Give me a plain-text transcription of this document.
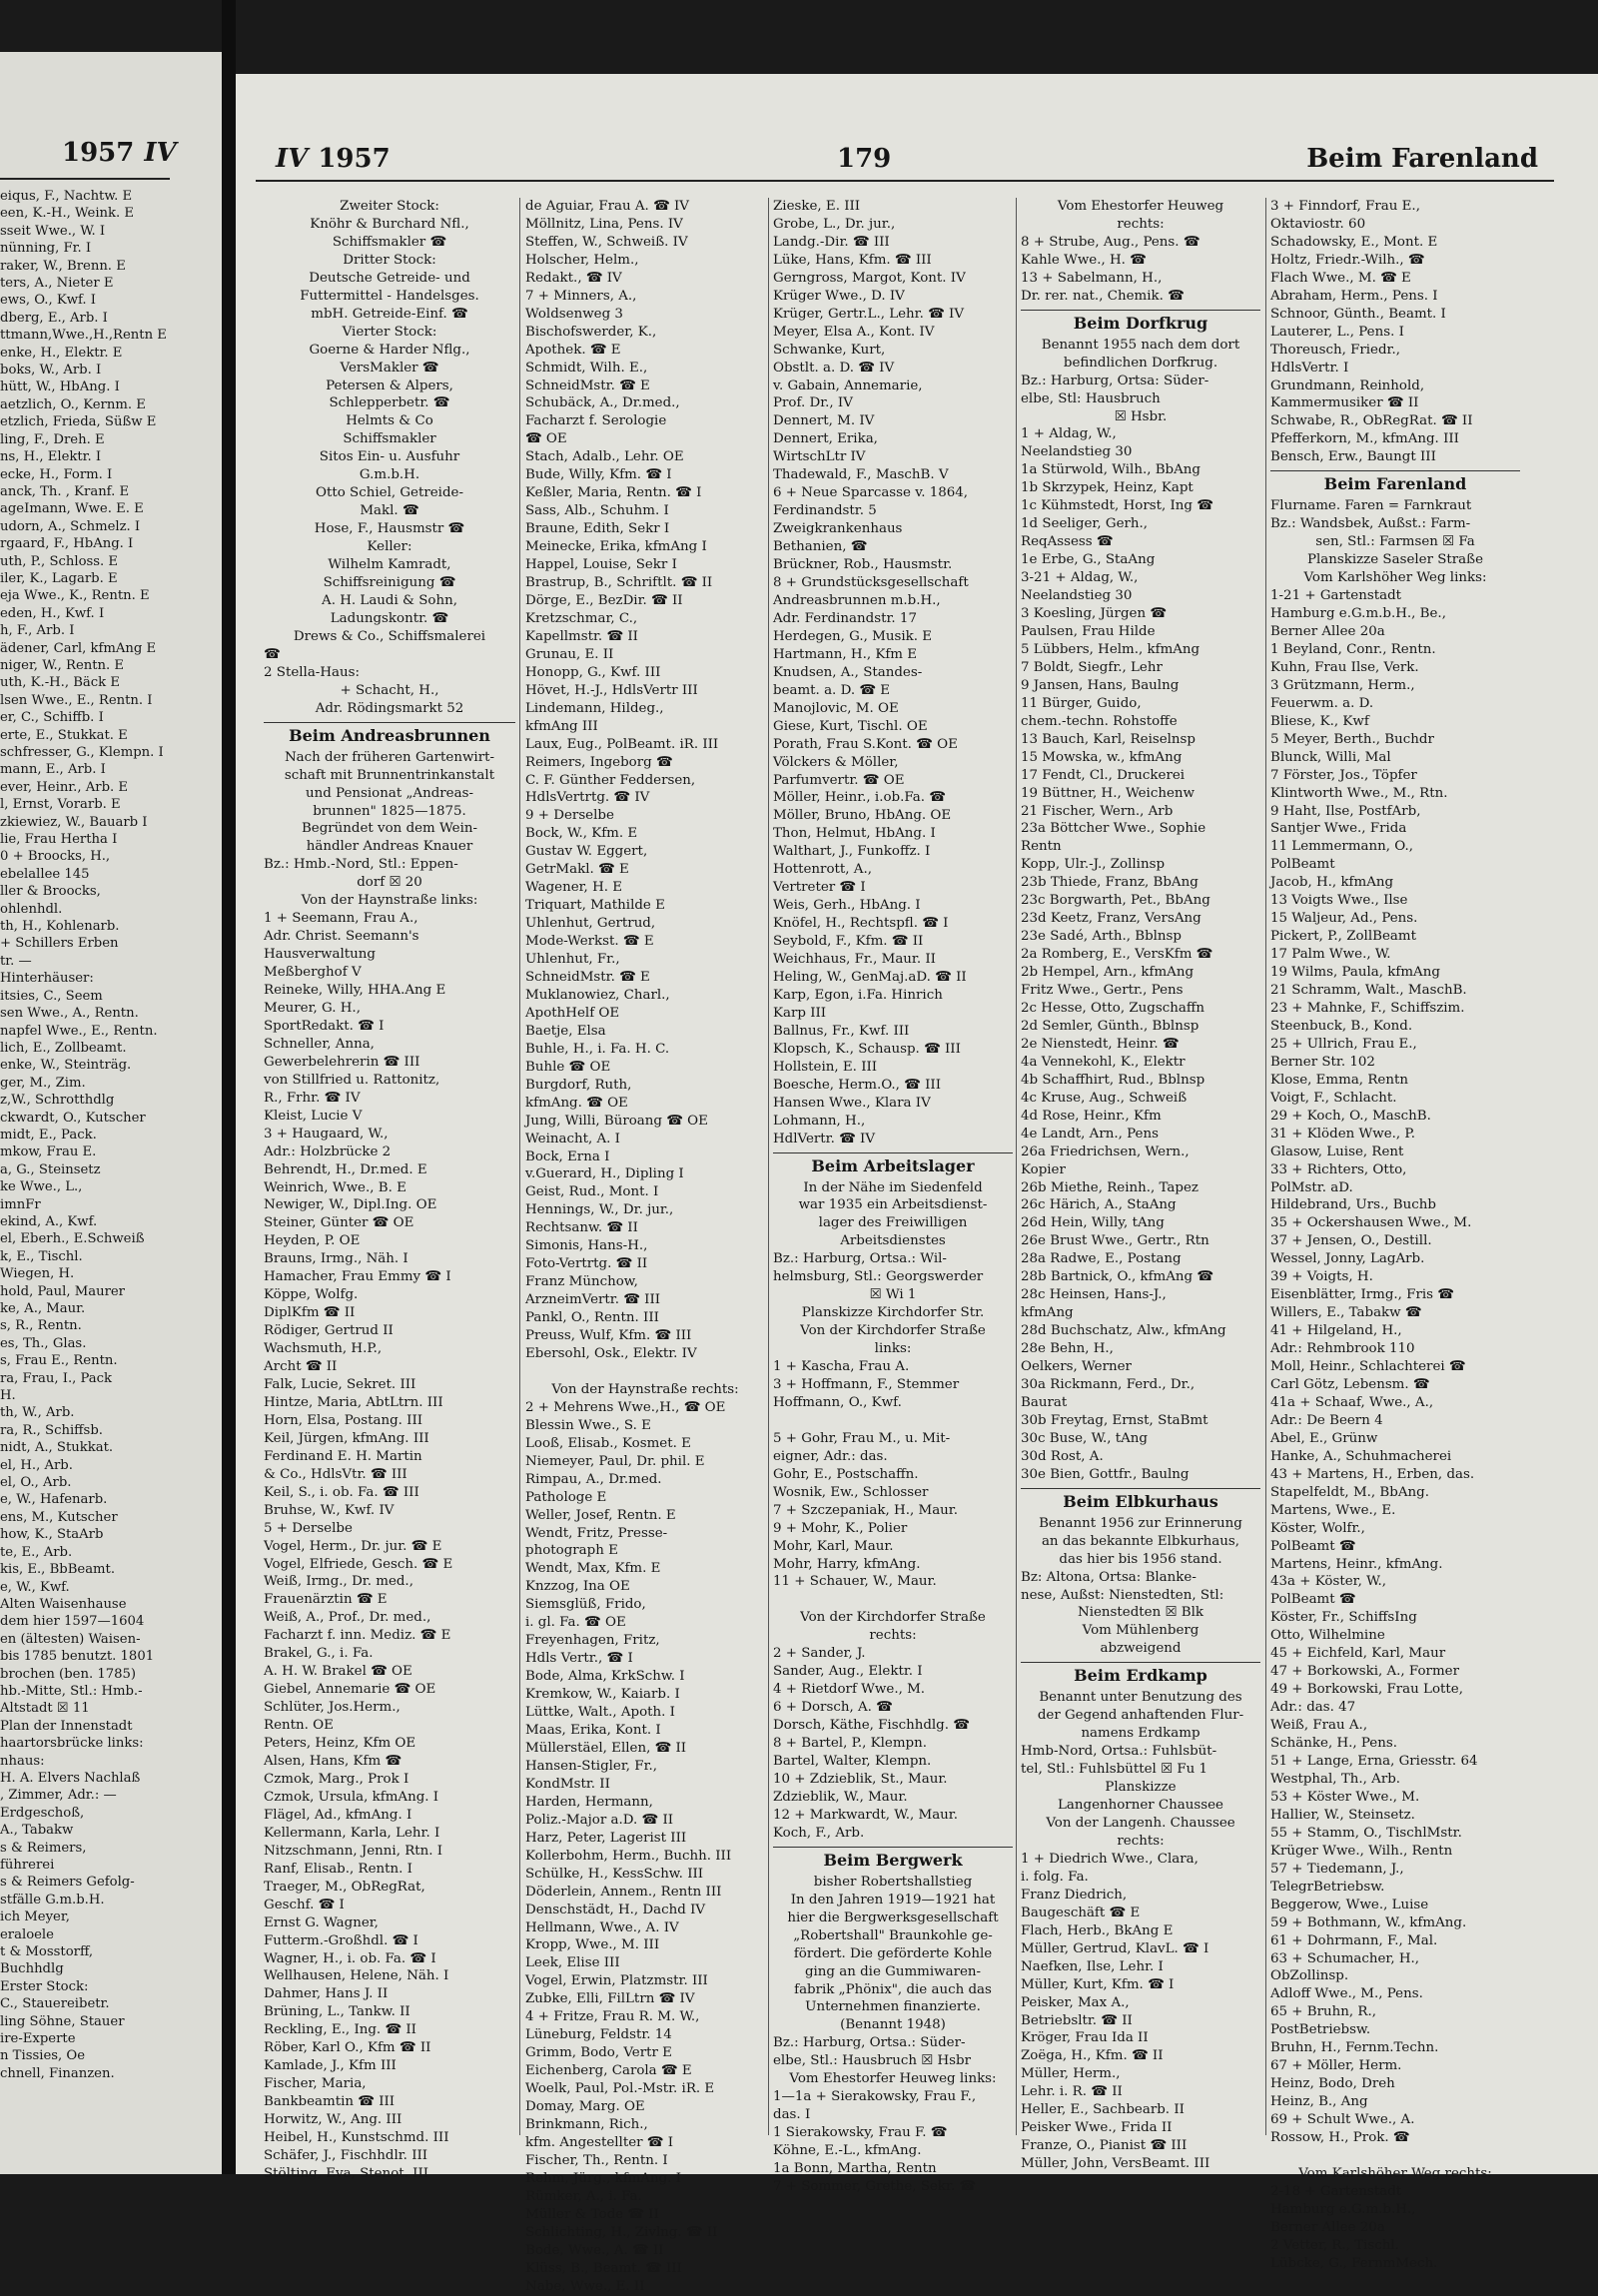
1957 IV
eiqus, F., Nachtw. E
een, K.-H., Weink. E
sseit Wwe., W. I
nünning, Fr. I
raker, W., Brenn. E
ters, A., Nieter E
ews, O., Kwf. I
dberg, E., Arb. I
ttmann,Wwe.,H.,Rentn E
enke, H., Elektr. E
boks, W., Arb. I
hütt, W., HbAng. I
aetzlich, O., Kernm. E
etzlich, Frieda, Süßw E
ling, F., Dreh. E
ns, H., Elektr. I
ecke, H., Form. I
anck, Th. , Kranf. E
ageImann, Wwe. E. E
udorn, A., Schmelz. I
rgaard, F., HbAng. I
uth, P., Schloss. E
iler, K., Lagarb. E
eja Wwe., K., Rentn. E
eden, H., Kwf. I
h, F., Arb. I
ädener, Carl, kfmAng E
niger, W., Rentn. E
uth, K.-H., Bäck E
lsen Wwe., E., Rentn. I
er, C., Schiffb. I
erte, E., Stukkat. E
schfresser, G., Klempn. I
mann, E., Arb. I
ever, Heinr., Arb. E
l, Ernst, Vorarb. E
zkiewiez, W., Bauarb I
lie, Frau Hertha I
0 + Broocks, H.,
ebelallee 145
ller & Broocks,
ohlenhdl.
th, H., Kohlenarb.
+ Schillers Erben
tr. —
Hinterhäuser:
itsies, C., Seem
sen Wwe., A., Rentn.
napfel Wwe., E., Rentn.
lich, E., Zollbeamt.
enke, W., Steinträg.
ger, M., Zim.
z,W., Schrotthdlg
ckwardt, O., Kutscher
midt, E., Pack.
mkow, Frau E.
a, G., Steinsetz
ke Wwe., L.,
imnFr
ekind, A., Kwf.
el, Eberh., E.Schweiß
k, E., Tischl.
Wiegen, H.
hold, Paul, Maurer
ke, A., Maur.
s, R., Rentn.
es, Th., Glas.
s, Frau E., Rentn.
ra, Frau, I., Pack
H.
th, W., Arb.
ra, R., Schiffsb.
nidt, A., Stukkat.
el, H., Arb.
el, O., Arb.
e, W., Hafenarb.
ens, M., Kutscher
how, K., StaArb
te, E., Arb.
kis, E., BbBeamt.
e, W., Kwf.
Alten Waisenhause
dem hier 1597—1604
en (ältesten) Waisen-
bis 1785 benutzt. 1801
brochen (ben. 1785)
hb.-Mitte, Stl.: Hmb.-
Altstadt ☒ 11
Plan der Innenstadt
haartorsbrücke links:
nhaus:
H. A. Elvers Nachlaß
, Zimmer, Adr.: —
Erdgeschoß,
A., Tabakw
s & Reimers,
führerei
s & Reimers Gefolg-
stfälle G.m.b.H.
ich Meyer,
eraloele
t & Mosstorff,
Buchhdlg
Erster Stock:
C., Stauereibetr.
ling Söhne, Stauer
ire-Experte
n Tissies, Oe
chnell, Finanzen.
IV 1957	179	Beim Farenland
Zweiter Stock:
Knöhr & Burchard Nfl.,
Schiffsmakler ☎
Dritter Stock:
Deutsche Getreide- und
Futtermittel - Handelsges.
mbH. Getreide-Einf. ☎
Vierter Stock:
Goerne & Harder Nflg.,
VersMakler ☎
Petersen & Alpers,
Schlepperbetr. ☎
Helmts & Co
Schiffsmakler
Sitos Ein- u. Ausfuhr
G.m.b.H.
Otto Schiel, Getreide-
Makl. ☎
Hose, F., Hausmstr ☎
Keller:
Wilhelm Kamradt,
Schiffsreinigung ☎
A. H. Laudi & Sohn,
Ladungskontr. ☎
Drews & Co., Schiffsmalerei
☎
2 Stella-Haus:
+ Schacht, H.,
Adr. Rödingsmarkt 52
Beim Andreasbrunnen
Nach der früheren Gartenwirt-
schaft mit Brunnentrinkanstalt
und Pensionat „Andreas-
brunnen" 1825—1875.
Begründet von dem Wein-
händler Andreas Knauer
Bz.: Hmb.-Nord, Stl.: Eppen-
dorf ☒ 20
Von der Haynstraße links:
1 + Seemann, Frau A.,
Adr. Christ. Seemann's
Hausverwaltung
Meßberghof V
Reineke, Willy, HHA.Ang E
Meurer, G. H.,
SportRedakt. ☎ I
Schneller, Anna,
Gewerbelehrerin ☎ III
von Stillfried u. Rattonitz,
R., Frhr. ☎ IV
Kleist, Lucie V
3 + Haugaard, W.,
Adr.: Holzbrücke 2
Behrendt, H., Dr.med. E
Weinrich, Wwe., B. E
Newiger, W., Dipl.Ing. OE
Steiner, Günter ☎ OE
Heyden, P. OE
Brauns, Irmg., Näh. I
Hamacher, Frau Emmy ☎ I
Köppe, Wolfg.
DiplKfm ☎ II
Rödiger, Gertrud II
Wachsmuth, H.P.,
Archt ☎ II
Falk, Lucie, Sekret. III
Hintze, Maria, AbtLtrn. III
Horn, Elsa, Postang. III
Keil, Jürgen, kfmAng. III
Ferdinand E. H. Martin
& Co., HdlsVtr. ☎ III
Keil, S., i. ob. Fa. ☎ III
Bruhse, W., Kwf. IV
5 + Derselbe
Vogel, Herm., Dr. jur. ☎ E
Vogel, Elfriede, Gesch. ☎ E
Weiß, Irmg., Dr. med.,
Frauenärztin ☎ E
Weiß, A., Prof., Dr. med.,
Facharzt f. inn. Mediz. ☎ E
Brakel, G., i. Fa.
A. H. W. Brakel ☎ OE
Giebel, Annemarie ☎ OE
Schlüter, Jos.Herm.,
Rentn. OE
Peters, Heinz, Kfm OE
Alsen, Hans, Kfm ☎
Czmok, Marg., Prok I
Czmok, Ursula, kfmAng. I
Flägel, Ad., kfmAng. I
Kellermann, Karla, Lehr. I
Nitzschmann, Jenni, Rtn. I
Ranf, Elisab., Rentn. I
Traeger, M., ObRegRat,
Geschf. ☎ I
Ernst G. Wagner,
Futterm.-Großhdl. ☎ I
Wagner, H., i. ob. Fa. ☎ I
Wellhausen, Helene, Näh. I
Dahmer, Hans J. II
Brüning, L., Tankw. II
Reckling, E., Ing. ☎ II
Röber, Karl O., Kfm ☎ II
Kamlade, J., Kfm III
Fischer, Maria,
Bankbeamtin ☎ III
Horwitz, W., Ang. III
Heibel, H., Kunstschmd. III
Schäfer, J., Fischhdlr. III
Stölting, Eva, Stenot. III
de Aguiar, Frau A. ☎ IV
Möllnitz, Lina, Pens. IV
Steffen, W., Schweiß. IV
Holscher, Helm.,
Redakt., ☎ IV
7 + Minners, A.,
Woldsenweg 3
Bischofswerder, K.,
Apothek. ☎ E
Schmidt, Wilh. E.,
SchneidMstr. ☎ E
Schubäck, A., Dr.med.,
Facharzt f. Serologie
☎ OE
Stach, Adalb., Lehr. OE
Bude, Willy, Kfm. ☎ I
Keßler, Maria, Rentn. ☎ I
Sass, Alb., Schuhm. I
Braune, Edith, Sekr I
Meinecke, Erika, kfmAng I
Happel, Louise, Sekr I
Brastrup, B., Schriftlt. ☎ II
Dörge, E., BezDir. ☎ II
Kretzschmar, C.,
Kapellmstr. ☎ II
Grunau, E. II
Honopp, G., Kwf. III
Hövet, H.-J., HdlsVertr III
Lindemann, Hildeg.,
kfmAng III
Laux, Eug., PolBeamt. iR. III
Reimers, Ingeborg ☎
C. F. Günther Feddersen,
HdlsVertrtg. ☎ IV
9 + Derselbe
Bock, W., Kfm. E
Gustav W. Eggert,
GetrMakl. ☎ E
Wagener, H. E
Triquart, Mathilde E
Uhlenhut, Gertrud,
Mode-Werkst. ☎ E
Uhlenhut, Fr.,
SchneidMstr. ☎ E
Muklanowiez, Charl.,
ApothHelf OE
Baetje, Elsa
Buhle, H., i. Fa. H. C.
Buhle ☎ OE
Burgdorf, Ruth,
kfmAng. ☎ OE
Jung, Willi, Büroang ☎ OE
Weinacht, A. I
Bock, Erna I
v.Guerard, H., Dipling I
Geist, Rud., Mont. I
Hennings, W., Dr. jur.,
Rechtsanw. ☎ II
Simonis, Hans-H.,
Foto-Vertrtg. ☎ II
Franz Münchow,
ArzneimVertr. ☎ III
Pankl, O., Rentn. III
Preuss, Wulf, Kfm. ☎ III
Ebersohl, Osk., Elektr. IV

Von der Haynstraße rechts:
2 + Mehrens Wwe.,H., ☎ OE
Blessin Wwe., S. E
Looß, Elisab., Kosmet. E
Niemeyer, Paul, Dr. phil. E
Rimpau, A., Dr.med.
Pathologe E
Weller, Josef, Rentn. E
Wendt, Fritz, Presse-
photograph E
Wendt, Max, Kfm. E
Knzzog, Ina OE
Siemsglüß, Frido,
i. gl. Fa. ☎ OE
Freyenhagen, Fritz,
Hdls Vertr., ☎ I
Bode, Alma, KrkSchw. I
Kremkow, W., Kaiarb. I
Lüttke, Walt., Apoth. I
Maas, Erika, Kont. I
Müllerstäel, Ellen, ☎ II
Hansen-Stigler, Fr.,
KondMstr. II
Harden, Hermann,
Poliz.-Major a.D. ☎ II
Harz, Peter, Lagerist III
Kollerbohm, Herm., Buchh. III
Schülke, H., KessSchw. III
Döderlein, Annem., Rentn III
Denschstädt, H., Dachd IV
Hellmann, Wwe., A. IV
Kropp, Wwe., M. III
Leek, Elise III
Vogel, Erwin, Platzmstr. III
Zubke, Elli, FilLtrn ☎ IV
4 + Fritze, Frau R. M. W.,
Lüneburg, Feldstr. 14
Grimm, Bodo, Vertr E
Eichenberg, Carola ☎ E
Woelk, Paul, Pol.-Mstr. iR. E
Domay, Marg. OE
Brinkmann, Rich.,
kfm. Angestellter ☎ I
Fischer, Th., Rentn. I
Rehm, Jürg., kfmAng. I
Rümker, A., i. Fa.
Müller & Tode ☎ II
Schlichting, H., Zivlng. ☎ II
Bode, Wwe., A. ☎ II
Klüss, B., Beamt. ☎ III
Nabe, Wwe., E. II
Zieske, E. III
Grobe, L., Dr. jur.,
Landg.-Dir. ☎ III
Lüke, Hans, Kfm. ☎ III
Gerngross, Margot, Kont. IV
Krüger Wwe., D. IV
Krüger, Gertr.L., Lehr. ☎ IV
Meyer, Elsa A., Kont. IV
Schwanke, Kurt,
Obstlt. a. D. ☎ IV
v. Gabain, Annemarie,
Prof. Dr., IV
Dennert, M. IV
Dennert, Erika,
WirtschLtr IV
Thadewald, F., MaschB. V
6 + Neue Sparcasse v. 1864,
Ferdinandstr. 5
Zweigkrankenhaus
Bethanien, ☎
Brückner, Rob., Hausmstr.
8 + Grundstücksgesellschaft
Andreasbrunnen m.b.H.,
Adr. Ferdinandstr. 17
Herdegen, G., Musik. E
Hartmann, H., Kfm E
Knudsen, A., Standes-
beamt. a. D. ☎ E
Manojlovic, M. OE
Giese, Kurt, Tischl. OE
Porath, Frau S.Kont. ☎ OE
Völckers & Möller,
Parfumvertr. ☎ OE
Möller, Heinr., i.ob.Fa. ☎
Möller, Bruno, HbAng. OE
Thon, Helmut, HbAng. I
Walthart, J., Funkoffz. I
Hottenrott, A.,
Vertreter ☎ I
Weis, Gerh., HbAng. I
Knöfel, H., Rechtspfl. ☎ I
Seybold, F., Kfm. ☎ II
Weichhaus, Fr., Maur. II
Heling, W., GenMaj.aD. ☎ II
Karp, Egon, i.Fa. Hinrich
Karp III
Ballnus, Fr., Kwf. III
Klopsch, K., Schausp. ☎ III
Hollstein, E. III
Boesche, Herm.O., ☎ III
Hansen Wwe., Klara IV
Lohmann, H.,
HdlVertr. ☎ IV
Beim Arbeitslager
In der Nähe im Siedenfeld
war 1935 ein Arbeitsdienst-
lager des Freiwilligen
Arbeitsdienstes
Bz.: Harburg, Ortsa.: Wil-
helmsburg, Stl.: Georgswerder
☒ Wi 1
Planskizze Kirchdorfer Str.
Von der Kirchdorfer Straße
links:
1 + Kascha, Frau A.
3 + Hoffmann, F., Stemmer
Hoffmann, O., Kwf.

5 + Gohr, Frau M., u. Mit-
eigner, Adr.: das.
Gohr, E., Postschaffn.
Wosnik, Ew., Schlosser
7 + Szczepaniak, H., Maur.
9 + Mohr, K., Polier
Mohr, Karl, Maur.
Mohr, Harry, kfmAng.
11 + Schauer, W., Maur.

Von der Kirchdorfer Straße
rechts:
2 + Sander, J.
Sander, Aug., Elektr. I
4 + Rietdorf Wwe., M.
6 + Dorsch, A. ☎
Dorsch, Käthe, Fischhdlg. ☎
8 + Bartel, P., Klempn.
Bartel, Walter, Klempn.
10 + Zdzieblik, St., Maur.
Zdzieblik, W., Maur.
12 + Markwardt, W., Maur.
Koch, F., Arb.
Beim Bergwerk
bisher Robertshallstieg
In den Jahren 1919—1921 hat
hier die Bergwerksgesellschaft
„Robertshall" Braunkohle ge-
fördert. Die geförderte Kohle
ging an die Gummiwaren-
fabrik „Phönix", die auch das
Unternehmen finanzierte.
(Benannt 1948)
Bz.: Harburg, Ortsa.: Süder-
elbe, Stl.: Hausbruch ☒ Hsbr
Vom Ehestorfer Heuweg links:
1—1a + Sierakowsky, Frau F.,
das. I
1 Sierakowsky, Frau F. ☎
Köhne, E.-L., kfmAng.
1a Bonn, Martha, Rentn
7 + Sommer, Grethe, Sekr. ☎
Vom Ehestorfer Heuweg
rechts:
8 + Strube, Aug., Pens. ☎
Kahle Wwe., H. ☎
13 + Sabelmann, H.,
Dr. rer. nat., Chemik. ☎
Beim Dorfkrug
Benannt 1955 nach dem dort
befindlichen Dorfkrug.
Bz.: Harburg, Ortsa: Süder-
elbe, Stl: Hausbruch
☒ Hsbr.
1 + Aldag, W.,
Neelandstieg 30
1a Stürwold, Wilh., BbAng
1b Skrzypek, Heinz, Kapt
1c Kühmstedt, Horst, Ing ☎
1d Seeliger, Gerh.,
ReqAssess ☎
1e Erbe, G., StaAng
3-21 + Aldag, W.,
Neelandstieg 30
3 Koesling, Jürgen ☎
Paulsen, Frau Hilde
5 Lübbers, Helm., kfmAng
7 Boldt, Siegfr., Lehr
9 Jansen, Hans, Baulng
11 Bürger, Guido,
chem.-techn. Rohstoffe
13 Bauch, Karl, Reiselnsp
15 Mowska, w., kfmAng
17 Fendt, Cl., Druckerei
19 Büttner, H., Weichenw
21 Fischer, Wern., Arb
23a Böttcher Wwe., Sophie
Rentn
Kopp, Ulr.-J., Zollinsp
23b Thiede, Franz, BbAng
23c Borgwarth, Pet., BbAng
23d Keetz, Franz, VersAng
23e Sadé, Arth., Bblnsp
2a Romberg, E., VersKfm ☎
2b Hempel, Arn., kfmAng
Fritz Wwe., Gertr., Pens
2c Hesse, Otto, Zugschaffn
2d Semler, Günth., Bblnsp
2e Nienstedt, Heinr. ☎
4a Vennekohl, K., Elektr
4b Schaffhirt, Rud., Bblnsp
4c Kruse, Aug., Schweiß
4d Rose, Heinr., Kfm
4e Landt, Arn., Pens
26a Friedrichsen, Wern.,
Kopier
26b Miethe, Reinh., Tapez
26c Härich, A., StaAng
26d Hein, Willy, tAng
26e Brust Wwe., Gertr., Rtn
28a Radwe, E., Postang
28b Bartnick, O., kfmAng ☎
28c Heinsen, Hans-J.,
kfmAng
28d Buchschatz, Alw., kfmAng
28e Behn, H.,
Oelkers, Werner
30a Rickmann, Ferd., Dr.,
Baurat
30b Freytag, Ernst, StaBmt
30c Buse, W., tAng
30d Rost, A.
30e Bien, Gottfr., Baulng
Beim Elbkurhaus
Benannt 1956 zur Erinnerung
an das bekannte Elbkurhaus,
das hier bis 1956 stand.
Bz: Altona, Ortsa: Blanke-
nese, Außst: Nienstedten, Stl:
Nienstedten ☒ Blk
Vom Mühlenberg
abzweigend
Beim Erdkamp
Benannt unter Benutzung des
der Gegend anhaftenden Flur-
namens Erdkamp
Hmb-Nord, Ortsa.: Fuhlsbüt-
tel, Stl.: Fuhlsbüttel ☒ Fu 1
Planskizze
Langenhorner Chaussee
Von der Langenh. Chaussee
rechts:
1 + Diedrich Wwe., Clara,
i. folg. Fa.
Franz Diedrich,
Baugeschäft ☎ E
Flach, Herb., BkAng E
Müller, Gertrud, KlavL. ☎ I
Naefken, Ilse, Lehr. I
Müller, Kurt, Kfm. ☎ I
Peisker, Max A.,
Betriebsltr. ☎ II
Kröger, Frau Ida II
Zoëga, H., Kfm. ☎ II
Müller, Herm.,
Lehr. i. R. ☎ II
Heller, E., Sachbearb. II
Peisker Wwe., Frida II
Franze, O., Pianist ☎ III
Müller, John, VersBeamt. III
3 + Finndorf, Frau E.,
Oktaviostr. 60
Schadowsky, E., Mont. E
Holtz, Friedr.-Wilh., ☎
Flach Wwe., M. ☎ E
Abraham, Herm., Pens. I
Schnoor, Günth., Beamt. I
Lauterer, L., Pens. I
Thoreusch, Friedr.,
HdlsVertr. I
Grundmann, Reinhold,
Kammermusiker ☎ II
Schwabe, R., ObRegRat. ☎ II
Pfefferkorn, M., kfmAng. III
Bensch, Erw., Baungt III
Beim Farenland
Flurname. Faren = Farnkraut
Bz.: Wandsbek, Außst.: Farm-
sen, Stl.: Farmsen ☒ Fa
Planskizze Saseler Straße
Vom Karlshöher Weg links:
1-21 + Gartenstadt
Hamburg e.G.m.b.H., Be.,
Berner Allee 20a
1 Beyland, Conr., Rentn.
Kuhn, Frau Ilse, Verk.
3 Grützmann, Herm.,
Feuerwm. a. D.
Bliese, K., Kwf
5 Meyer, Berth., Buchdr
Blunck, Willi, Mal
7 Förster, Jos., Töpfer
Klintworth Wwe., M., Rtn.
9 Haht, Ilse, PostfArb,
Santjer Wwe., Frida
11 Lemmermann, O.,
PolBeamt
Jacob, H., kfmAng
13 Voigts Wwe., Ilse
15 Waljeur, Ad., Pens.
Pickert, P., ZollBeamt
17 Palm Wwe., W.
19 Wilms, Paula, kfmAng
21 Schramm, Walt., MaschB.
23 + Mahnke, F., Schiffszim.
Steenbuck, B., Kond.
25 + Ullrich, Frau E.,
Berner Str. 102
Klose, Emma, Rentn
Voigt, F., Schlacht.
29 + Koch, O., MaschB.
31 + Klöden Wwe., P.
Glasow, Luise, Rent
33 + Richters, Otto,
PolMstr. aD.
Hildebrand, Urs., Buchb
35 + Ockershausen Wwe., M.
37 + Jensen, O., Destill.
Wessel, Jonny, LagArb.
39 + Voigts, H.
Eisenblätter, Irmg., Fris ☎
Willers, E., Tabakw ☎
41 + Hilgeland, H.,
Adr.: Rehmbrook 110
Moll, Heinr., Schlachterei ☎
Carl Götz, Lebensm. ☎
41a + Schaaf, Wwe., A.,
Adr.: De Beern 4
Abel, E., Grünw
Hanke, A., Schuhmacherei
43 + Martens, H., Erben, das.
Stapelfeldt, M., BbAng.
Martens, Wwe., E.
Köster, Wolfr.,
PolBeamt ☎
Martens, Heinr., kfmAng.
43a + Köster, W.,
PolBeamt ☎
Köster, Fr., SchiffsIng
Otto, Wilhelmine
45 + Eichfeld, Karl, Maur
47 + Borkowski, A., Former
49 + Borkowski, Frau Lotte,
Adr.: das. 47
Weiß, Frau A.,
Schänke, H., Pens.
51 + Lange, Erna, Griesstr. 64
Westphal, Th., Arb.
53 + Köster Wwe., M.
Hallier, W., Steinsetz.
55 + Stamm, O., TischlMstr.
Krüger Wwe., Wilh., Rentn
57 + Tiedemann, J.,
TelegrBetriebsw.
Beggerow, Wwe., Luise
59 + Bothmann, W., kfmAng.
61 + Dohrmann, F., Mal.
63 + Schumacher, H.,
ObZollinsp.
Adloff Wwe., M., Pens.
65 + Bruhn, R.,
PostBetriebsw.
Bruhn, H., Fernm.Techn.
67 + Möller, Herm.
Heinz, Bodo, Dreh
Heinz, B., Ang
69 + Schult Wwe., A.
Rossow, H., Prok. ☎

Vom Karlshöher Weg rechts:
2-18 + Gartenstadt
Hamburg e.G.m.b.H.,
Berner Allee 20a
2 Vetter, R., Tischl.
Lübcke, G., FernmMech.
